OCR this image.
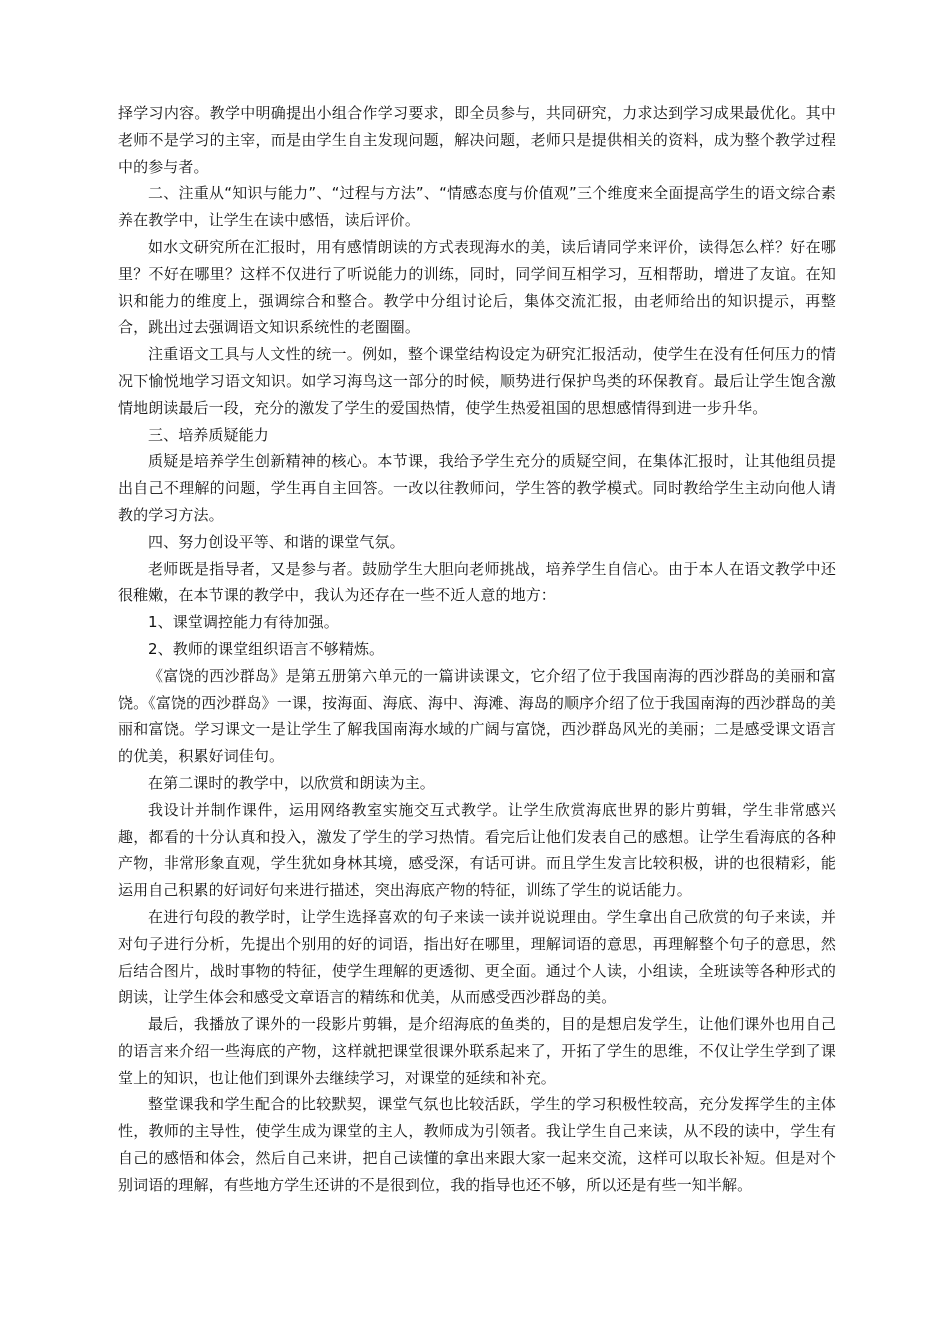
择学习内容。教学中明确提出小组合作学习要求，即全员参与，共同研究，力求达到学习成果最优化。其中老师不是学习的主宰，而是由学生自主发现问题，解决问题，老师只是提供相关的资料，成为整个教学过程中的参与者。

二、注重从“知识与能力”、“过程与方法”、“情感态度与价值观”三个维度来全面提高学生的语文综合素养在教学中，让学生在读中感悟，读后评价。

如水文研究所在汇报时，用有感情朗读的方式表现海水的美，读后请同学来评价，读得怎么样？好在哪里？不好在哪里？这样不仅进行了听说能力的训练，同时，同学间互相学习，互相帮助，增进了友谊。在知识和能力的维度上，强调综合和整合。教学中分组讨论后，集体交流汇报，由老师给出的知识提示，再整合，跳出过去强调语文知识系统性的老圈圈。

注重语文工具与人文性的统一。例如，整个课堂结构设定为研究汇报活动，使学生在没有任何压力的情况下愉悦地学习语文知识。如学习海鸟这一部分的时候，顺势进行保护鸟类的环保教育。最后让学生饱含激情地朗读最后一段，充分的激发了学生的爱国热情，使学生热爱祖国的思想感情得到进一步升华。

三、培养质疑能力

质疑是培养学生创新精神的核心。本节课，我给予学生充分的质疑空间，在集体汇报时，让其他组员提出自己不理解的问题，学生再自主回答。一改以往教师问，学生答的教学模式。同时教给学生主动向他人请教的学习方法。

四、努力创设平等、和谐的课堂气氛。

老师既是指导者，又是参与者。鼓励学生大胆向老师挑战，培养学生自信心。由于本人在语文教学中还很稚嫩，在本节课的教学中，我认为还存在一些不近人意的地方：

1、课堂调控能力有待加强。

2、教师的课堂组织语言不够精炼。

《富饶的西沙群岛》是第五册第六单元的一篇讲读课文，它介绍了位于我国南海的西沙群岛的美丽和富饶。《富饶的西沙群岛》一课，按海面、海底、海中、海滩、海岛的顺序介绍了位于我国南海的西沙群岛的美丽和富饶。学习课文一是让学生了解我国南海水域的广阔与富饶，西沙群岛风光的美丽；二是感受课文语言的优美，积累好词佳句。

在第二课时的教学中，以欣赏和朗读为主。

我设计并制作课件，运用网络教室实施交互式教学。让学生欣赏海底世界的影片剪辑，学生非常感兴趣，都看的十分认真和投入，激发了学生的学习热情。看完后让他们发表自己的感想。让学生看海底的各种产物，非常形象直观，学生犹如身林其境，感受深，有话可讲。而且学生发言比较积极，讲的也很精彩，能运用自己积累的好词好句来进行描述，突出海底产物的特征，训练了学生的说话能力。

在进行句段的教学时，让学生选择喜欢的句子来读一读并说说理由。学生拿出自己欣赏的句子来读，并对句子进行分析，先提出个别用的好的词语，指出好在哪里，理解词语的意思，再理解整个句子的意思，然后结合图片，战时事物的特征，使学生理解的更透彻、更全面。通过个人读，小组读，全班读等各种形式的朗读，让学生体会和感受文章语言的精练和优美，从而感受西沙群岛的美。

最后，我播放了课外的一段影片剪辑，是介绍海底的鱼类的，目的是想启发学生，让他们课外也用自己的语言来介绍一些海底的产物，这样就把课堂很课外联系起来了，开拓了学生的思维，不仅让学生学到了课堂上的知识，也让他们到课外去继续学习，对课堂的延续和补充。

整堂课我和学生配合的比较默契，课堂气氛也比较活跃，学生的学习积极性较高，充分发挥学生的主体性，教师的主导性，使学生成为课堂的主人，教师成为引领者。我让学生自己来读，从不段的读中，学生有自己的感悟和体会，然后自己来讲，把自己读懂的拿出来跟大家一起来交流，这样可以取长补短。但是对个别词语的理解，有些地方学生还讲的不是很到位，我的指导也还不够，所以还是有些一知半解。
